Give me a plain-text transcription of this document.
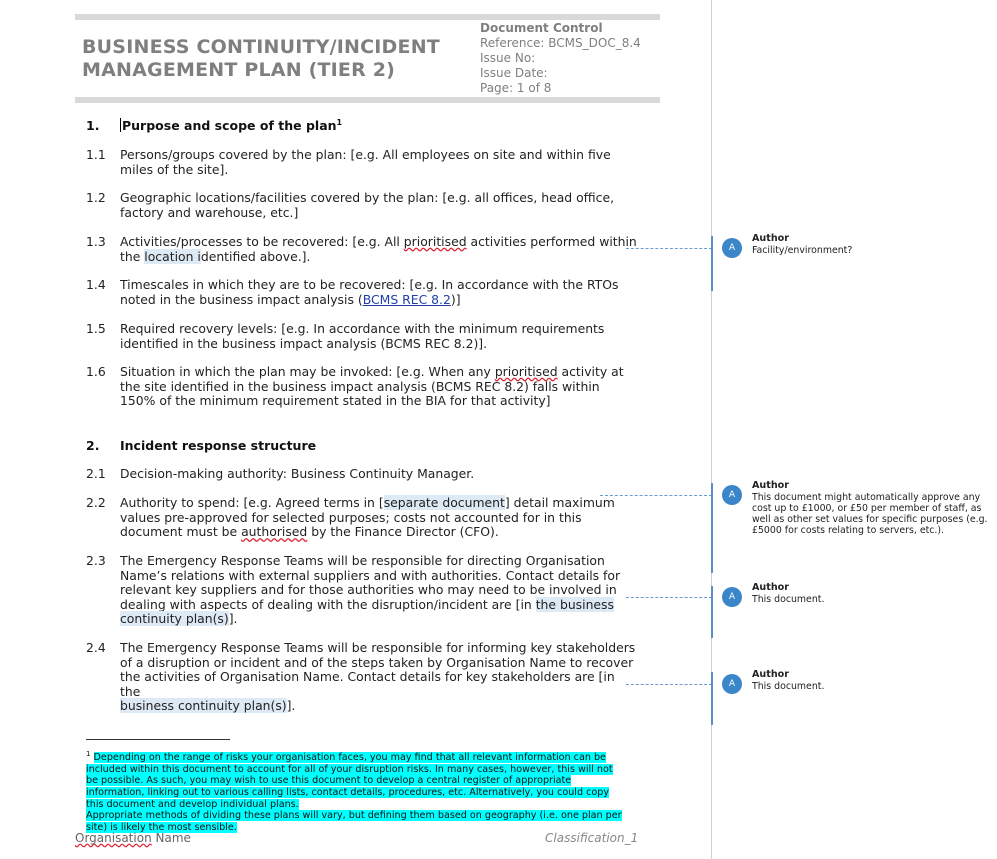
BUSINESS CONTINUITY/INCIDENT
MANAGEMENT PLAN (TIER 2)
Document Control
Reference: BCMS_DOC_8.4
Issue No:
Issue Date:
Page: 1 of 8
1. Purpose and scope of the plan$^1$
1.1	Persons/groups covered by the plan: [e.g. All employees on site and within five
miles of the site].
1.2	Geographic locations/facilities covered by the plan: [e.g. all offices, head office,
factory and warehouse, etc.]
1.3	Activities/processes to be recovered: [e.g. All prioritised activities performed within
the location identified above.].
1.4	Timescales in which they are to be recovered: [e.g. In accordance with the RTOs
noted in the business impact analysis (BCMS REC 8.2)]
1.5	Required recovery levels: [e.g. In accordance with the minimum requirements
identified in the business impact analysis (BCMS REC 8.2)].
1.6	Situation in which the plan may be invoked: [e.g. When any prioritised activity at
the site identified in the business impact analysis (BCMS REC 8.2) falls within
150% of the minimum requirement stated in the BIA for that activity]
2. Incident response structure
2.1	Decision-making authority: Business Continuity Manager.
2.2	Authority to spend: [e.g. Agreed terms in [separate document] detail maximum
values pre-approved for selected purposes; costs not accounted for in this
document must be authorised by the Finance Director (CFO).
2.3	The Emergency Response Teams will be responsible for directing Organisation
Name’s relations with external suppliers and with authorities. Contact details for
relevant key suppliers and for those authorities who may need to be involved in
dealing with aspects of dealing with the disruption/incident are [in the business
continuity plan(s)].
2.4	The Emergency Response Teams will be responsible for informing key stakeholders
of a disruption or incident and of the steps taken by Organisation Name to recover
the activities of Organisation Name. Contact details for key stakeholders are [in the
business continuity plan(s)].
$^1$ Depending on the range of risks your organisation faces, you may find that all relevant information can be included within this document to account for all of your disruption risks. In many cases, however, this will not be possible. As such, you may wish to use this document to develop a central register of appropriate information, linking out to various calling lists, contact details, procedures, etc. Alternatively, you could copy this document and develop individual plans.
Appropriate methods of dividing these plans will vary, but defining them based on geography (i.e. one plan per site) is likely the most sensible.
Organisation Name	Classification_1
A
Author
Facility/environment?
A
Author
This document might automatically approve any cost up to £1000, or £50 per member of staff, as well as other set values for specific purposes (e.g. £5000 for costs relating to servers, etc.).
A
Author
This document.
A
Author
This document.
